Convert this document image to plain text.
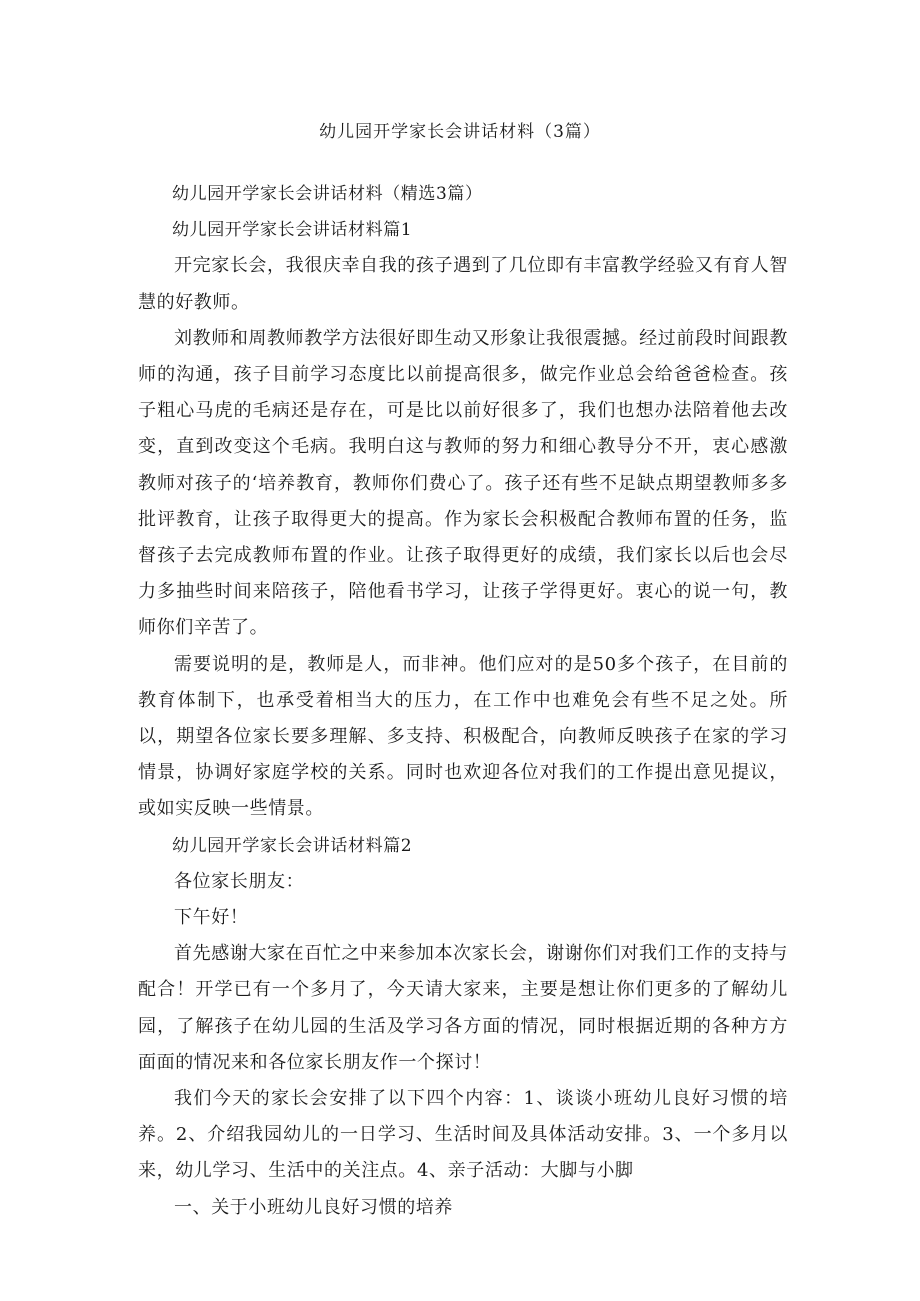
幼儿园开学家长会讲话材料（3篇）

幼儿园开学家长会讲话材料（精选3篇）

幼儿园开学家长会讲话材料篇1

开完家长会，我很庆幸自我的孩子遇到了几位即有丰富教学经验又有育人智慧的好教师。

刘教师和周教师教学方法很好即生动又形象让我很震撼。经过前段时间跟教师的沟通，孩子目前学习态度比以前提高很多，做完作业总会给爸爸检查。孩子粗心马虎的毛病还是存在，可是比以前好很多了，我们也想办法陪着他去改变，直到改变这个毛病。我明白这与教师的努力和细心教导分不开，衷心感激教师对孩子的‘培养教育，教师你们费心了。孩子还有些不足缺点期望教师多多批评教育，让孩子取得更大的提高。作为家长会积极配合教师布置的任务，监督孩子去完成教师布置的作业。让孩子取得更好的成绩，我们家长以后也会尽力多抽些时间来陪孩子，陪他看书学习，让孩子学得更好。衷心的说一句，教师你们辛苦了。

需要说明的是，教师是人，而非神。他们应对的是50多个孩子，在目前的教育体制下，也承受着相当大的压力，在工作中也难免会有些不足之处。所以，期望各位家长要多理解、多支持、积极配合，向教师反映孩子在家的学习情景，协调好家庭学校的关系。同时也欢迎各位对我们的工作提出意见提议，或如实反映一些情景。

幼儿园开学家长会讲话材料篇2

各位家长朋友：

下午好！

首先感谢大家在百忙之中来参加本次家长会，谢谢你们对我们工作的支持与配合！开学已有一个多月了，今天请大家来，主要是想让你们更多的了解幼儿园，了解孩子在幼儿园的生活及学习各方面的情况，同时根据近期的各种方方面面的情况来和各位家长朋友作一个探讨！

我们今天的家长会安排了以下四个内容：1、谈谈小班幼儿良好习惯的培养。2、介绍我园幼儿的一日学习、生活时间及具体活动安排。3、一个多月以来，幼儿学习、生活中的关注点。4、亲子活动：大脚与小脚

一、关于小班幼儿良好习惯的培养
